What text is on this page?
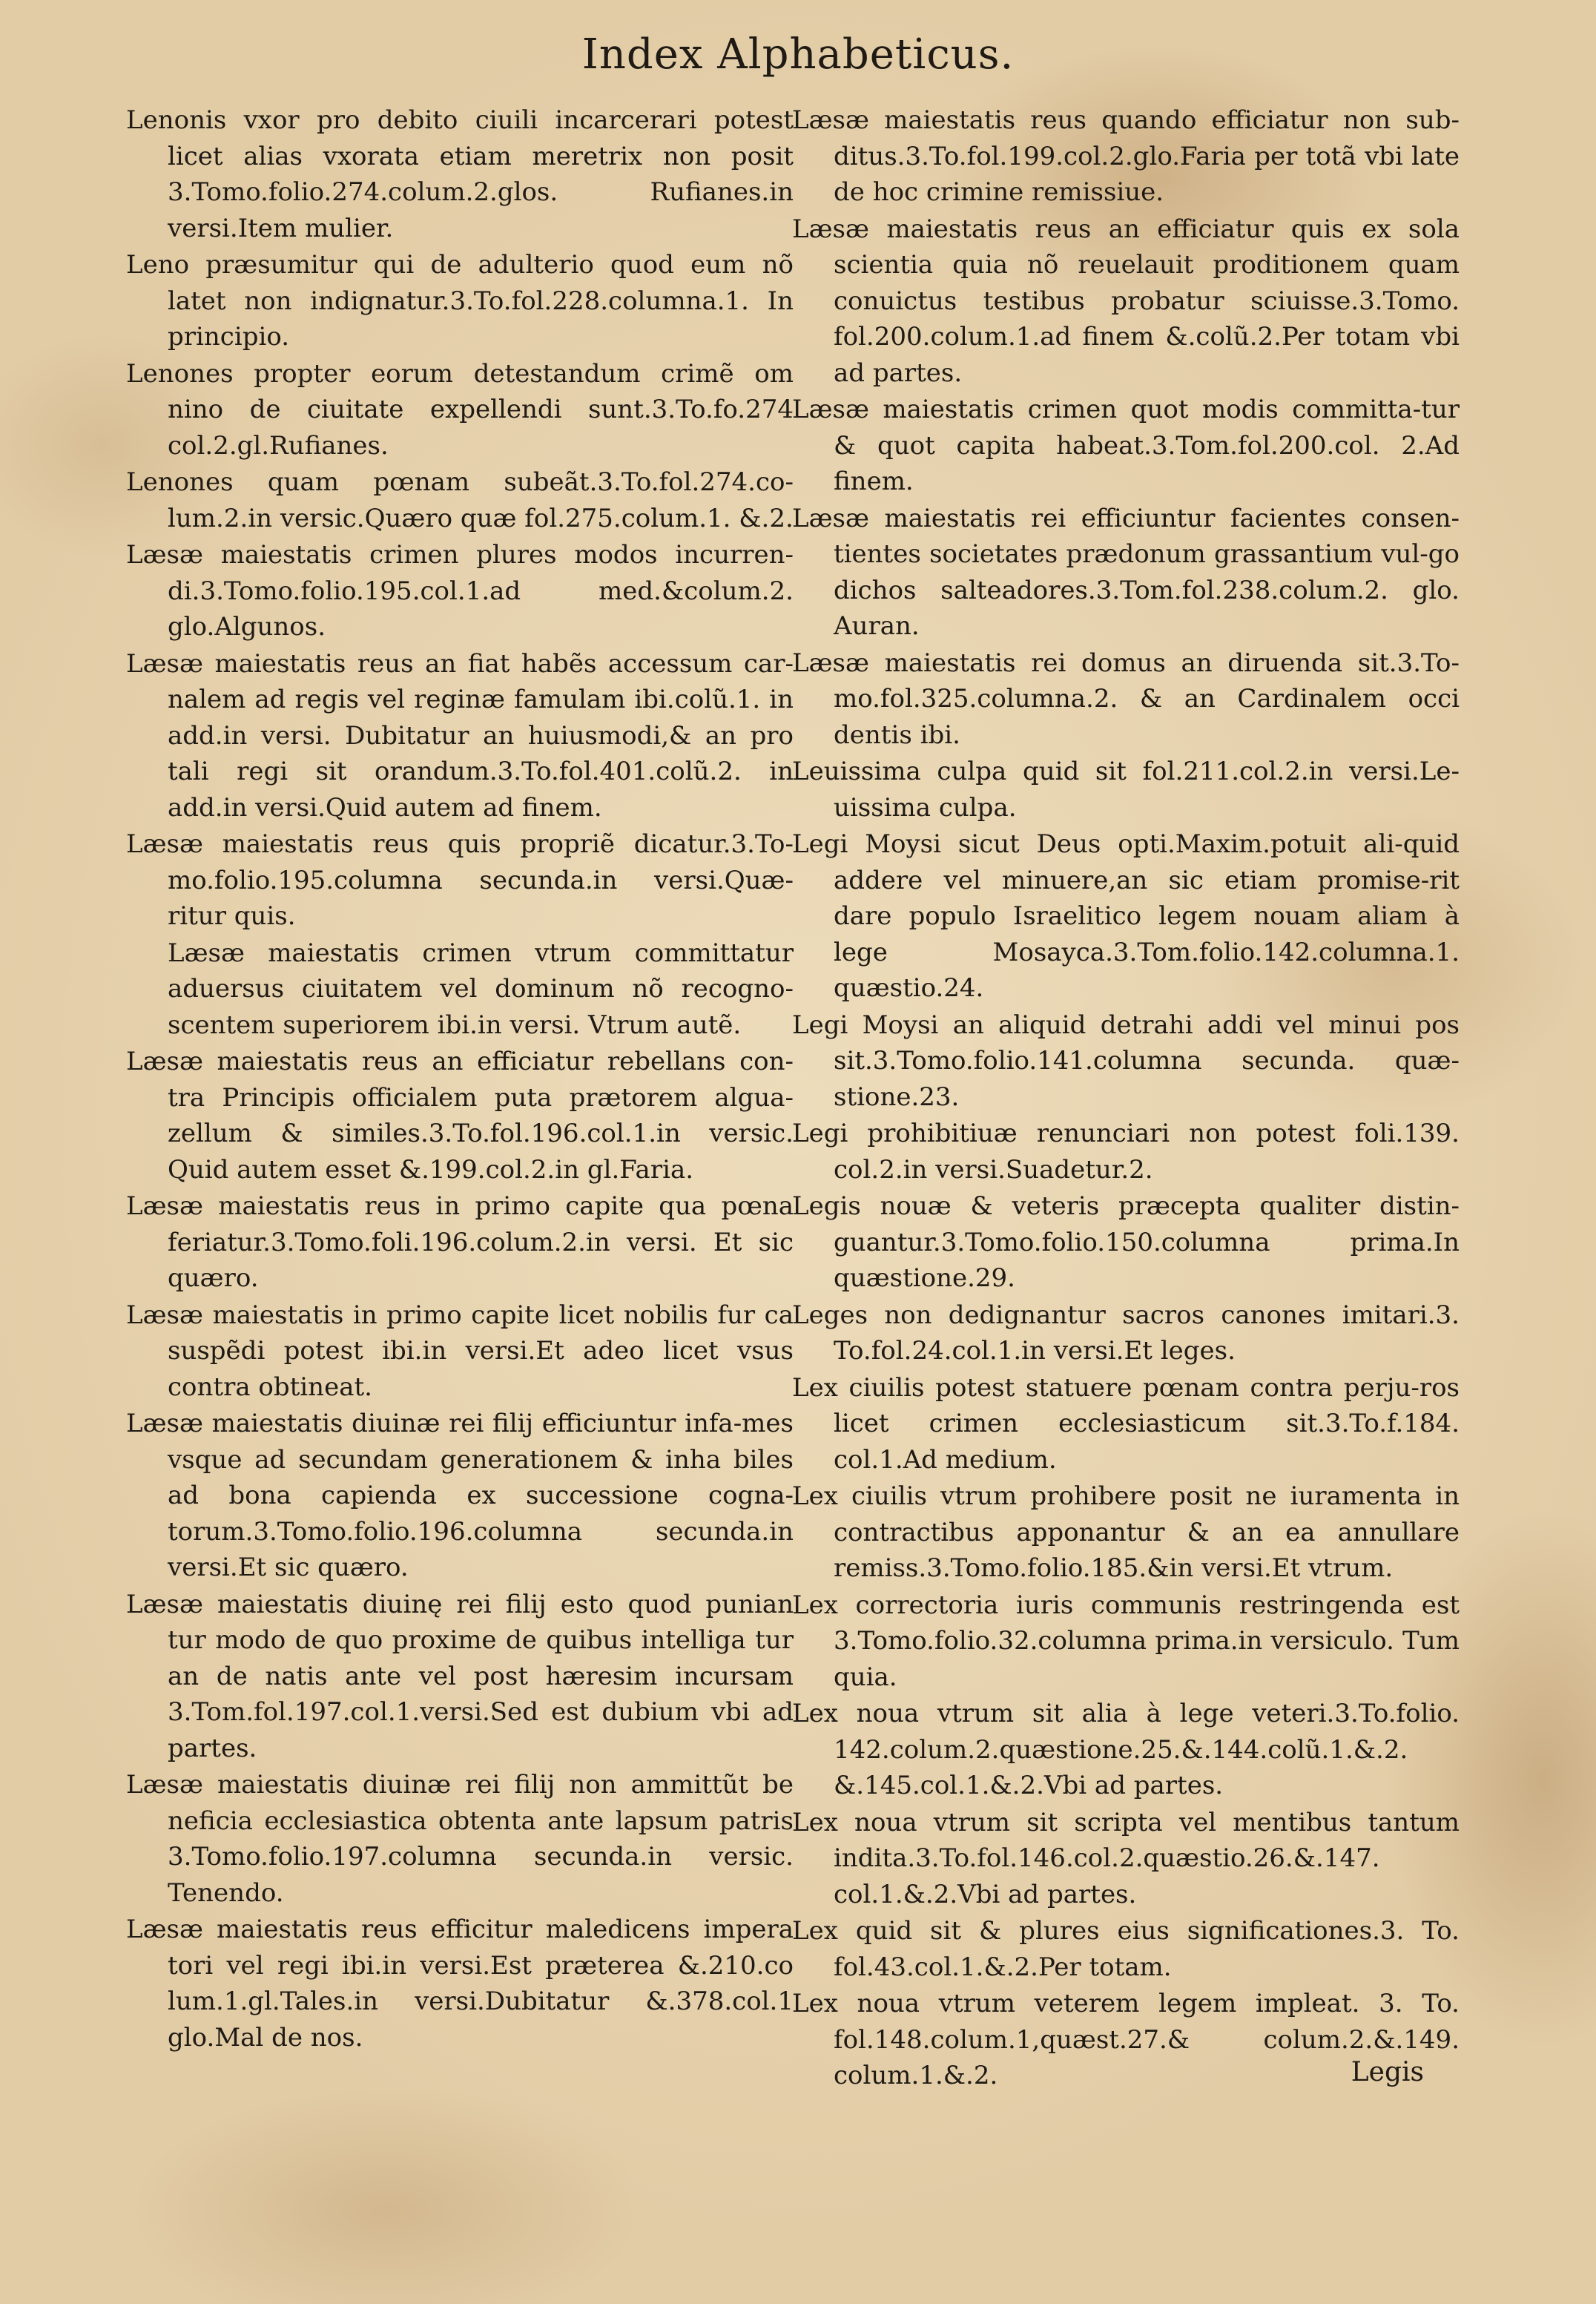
Index Alphabeticus.

Lenonis vxor pro debito ciuili incarcerari potest licet alias vxorata etiam meretrix non posit 3.Tomo.folio.274.colum.2.glos. Rufianes.in versi.Item mulier.

Leno præsumitur qui de adulterio quod eum nõ latet non indignatur.3.To.fol.228.columna.1. In principio.

Lenones propter eorum detestandum crimẽ om nino de ciuitate expellendi sunt.3.To.fo.274 col.2.gl.Rufianes.

Lenones quam pœnam subeãt.3.To.fol.274.co-lum.2.in versic.Quæro quæ fol.275.colum.1. &.2.

Læsæ maiestatis crimen plures modos incurren-di.3.Tomo.folio.195.col.1.ad med.&colum.2. glo.Algunos.

Læsæ maiestatis reus an fiat habẽs accessum car-nalem ad regis vel reginæ famulam ibi.colũ.1. in add.in versi. Dubitatur an huiusmodi,& an pro tali regi sit orandum.3.To.fol.401.colũ.2. in add.in versi.Quid autem ad finem.

Læsæ maiestatis reus quis propriẽ dicatur.3.To-mo.folio.195.columna secunda.in versi.Quæ-ritur quis.

Læsæ maiestatis crimen vtrum committatur aduersus ciuitatem vel dominum nõ recogno-scentem superiorem ibi.in versi. Vtrum autẽ.

Læsæ maiestatis reus an efficiatur rebellans con-tra Principis officialem puta prætorem algua-zellum & similes.3.To.fol.196.col.1.in versic. Quid autem esset &.199.col.2.in gl.Faria.

Læsæ maiestatis reus in primo capite qua pœna feriatur.3.Tomo.foli.196.colum.2.in versi. Et sic quæro.

Læsæ maiestatis in primo capite licet nobilis fur ca suspẽdi potest ibi.in versi.Et adeo licet vsus contra obtineat.

Læsæ maiestatis diuinæ rei filij efficiuntur infa-mes vsque ad secundam generationem & inha biles ad bona capienda ex successione cogna-torum.3.Tomo.folio.196.columna secunda.in versi.Et sic quæro.

Læsæ maiestatis diuinę rei filij esto quod punian tur modo de quo proxime de quibus intelliga tur an de natis ante vel post hæresim incursam 3.Tom.fol.197.col.1.versi.Sed est dubium vbi ad partes.

Læsæ maiestatis diuinæ rei filij non ammittũt be neficia ecclesiastica obtenta ante lapsum patris 3.Tomo.folio.197.columna secunda.in versic. Tenendo.

Læsæ maiestatis reus efficitur maledicens impera tori vel regi ibi.in versi.Est præterea &.210.co lum.1.gl.Tales.in versi.Dubitatur &.378.col.1 glo.Mal de nos.

Læsæ maiestatis reus quando efficiatur non sub-ditus.3.To.fol.199.col.2.glo.Faria per totã vbi late de hoc crimine remissiue.

Læsæ maiestatis reus an efficiatur quis ex sola scientia quia nõ reuelauit proditionem quam conuictus testibus probatur sciuisse.3.Tomo. fol.200.colum.1.ad finem &.colũ.2.Per totam vbi ad partes.

Læsæ maiestatis crimen quot modis committa-tur & quot capita habeat.3.Tom.fol.200.col. 2.Ad finem.

Læsæ maiestatis rei efficiuntur facientes consen-tientes societates prædonum grassantium vul-go dichos salteadores.3.Tom.fol.238.colum.2. glo. Auran.

Læsæ maiestatis rei domus an diruenda sit.3.To-mo.fol.325.columna.2. & an Cardinalem occi dentis ibi.

Leuissima culpa quid sit fol.211.col.2.in versi.Le-uissima culpa.

Legi Moysi sicut Deus opti.Maxim.potuit ali-quid addere vel minuere,an sic etiam promise-rit dare populo Israelitico legem nouam aliam à lege Mosayca.3.Tom.folio.142.columna.1. quæstio.24.

Legi Moysi an aliquid detrahi addi vel minui pos sit.3.Tomo.folio.141.columna secunda. quæ-stione.23.

Legi prohibitiuæ renunciari non potest foli.139. col.2.in versi.Suadetur.2.

Legis nouæ & veteris præcepta qualiter distin-guantur.3.Tomo.folio.150.columna prima.In quæstione.29.

Leges non dedignantur sacros canones imitari.3. To.fol.24.col.1.in versi.Et leges.

Lex ciuilis potest statuere pœnam contra perju-ros licet crimen ecclesiasticum sit.3.To.f.184. col.1.Ad medium.

Lex ciuilis vtrum prohibere posit ne iuramenta in contractibus apponantur & an ea annullare remiss.3.Tomo.folio.185.&in versi.Et vtrum.

Lex correctoria iuris communis restringenda est 3.Tomo.folio.32.columna prima.in versiculo. Tum quia.

Lex noua vtrum sit alia à lege veteri.3.To.folio. 142.colum.2.quæstione.25.&.144.colũ.1.&.2. &.145.col.1.&.2.Vbi ad partes.

Lex noua vtrum sit scripta vel mentibus tantum indita.3.To.fol.146.col.2.quæstio.26.&.147. col.1.&.2.Vbi ad partes.

Lex quid sit & plures eius significationes.3. To. fol.43.col.1.&.2.Per totam.

Lex noua vtrum veterem legem impleat. 3. To. fol.148.colum.1,quæst.27.& colum.2.&.149. colum.1.&.2.	Legis
